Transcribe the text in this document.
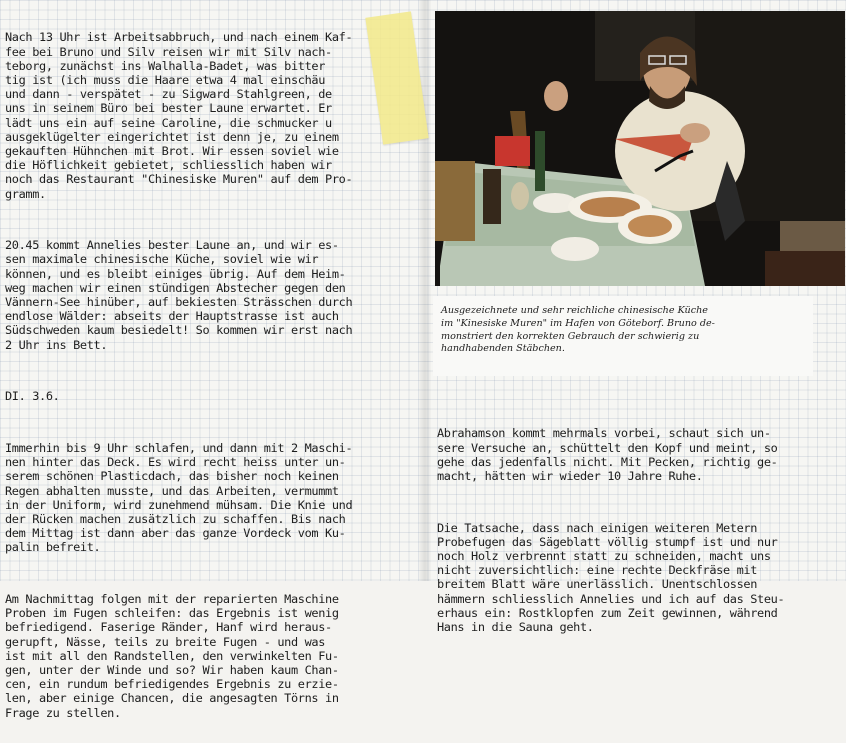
Nach 13 Uhr ist Arbeitsabbruch, und nach einem Kaf-
fee bei Bruno und Silv reisen wir mit Silv nach-
teborg, zunächst ins Walhalla-Badet, was bitter
tig ist (ich muss die Haare etwa 4 mal einschäu
und dann - verspätet - zu Sigward Stahlgreen, de
uns in seinem Büro bei bester Laune erwartet. Er
lädt uns ein auf seine Caroline, die schmucker u
ausgeklügelter eingerichtet ist denn je, zu einem
gekauften Hühnchen mit Brot. Wir essen soviel wie
die Höflichkeit gebietet, schliesslich haben wir
noch das Restaurant "Chinesiske Muren" auf dem Pro-
gramm.

20.45 kommt Annelies bester Laune an, und wir es-
sen maximale chinesische Küche, soviel wie wir
können, und es bleibt einiges übrig. Auf dem Heim-
weg machen wir einen stündigen Abstecher gegen den
Vännern-See hinüber, auf bekiesten Strässchen durch
endlose Wälder: abseits der Hauptstrasse ist auch
Südschweden kaum besiedelt! So kommen wir erst nach
2 Uhr ins Bett.

DI. 3.6.

Immerhin bis 9 Uhr schlafen, und dann mit 2 Maschi-
nen hinter das Deck. Es wird recht heiss unter un-
serem schönen Plasticdach, das bisher noch keinen
Regen abhalten musste, und das Arbeiten, vermummt
in der Uniform, wird zunehmend mühsam. Die Knie und
der Rücken machen zusätzlich zu schaffen. Bis nach
dem Mittag ist dann aber das ganze Vordeck vom Ku-
palin befreit.

Am Nachmittag folgen mit der reparierten Maschine
Proben im Fugen schleifen: das Ergebnis ist wenig
befriedigend. Faserige Ränder, Hanf wird heraus-
gerupft, Nässe, teils zu breite Fugen - und was
ist mit all den Randstellen, den verwinkelten Fu-
gen, unter der Winde und so? Wir haben kaum Chan-
cen, ein rundum befriedigendes Ergebnis zu erzie-
len, aber einige Chancen, die angesagten Törns in
Frage zu stellen.

Ausgezeichnete und sehr reichliche chinesische Küche
im "Kinesiske Muren" im Hafen von Göteborf. Bruno de-
monstriert den korrekten Gebrauch der schwierig zu
handhabenden Stäbchen.

Abrahamson kommt mehrmals vorbei, schaut sich un-
sere Versuche an, schüttelt den Kopf und meint, so
gehe das jedenfalls nicht. Mit Pecken, richtig ge-
macht, hätten wir wieder 10 Jahre Ruhe.

Die Tatsache, dass nach einigen weiteren Metern
Probefugen das Sägeblatt völlig stumpf ist und nur
noch Holz verbrennt statt zu schneiden, macht uns
nicht zuversichtlich: eine rechte Deckfräse mit
breitem Blatt wäre unerlässlich. Unentschlossen
hämmern schliesslich Annelies und ich auf das Steu-
erhaus ein: Rostklopfen zum Zeit gewinnen, während
Hans in die Sauna geht.
